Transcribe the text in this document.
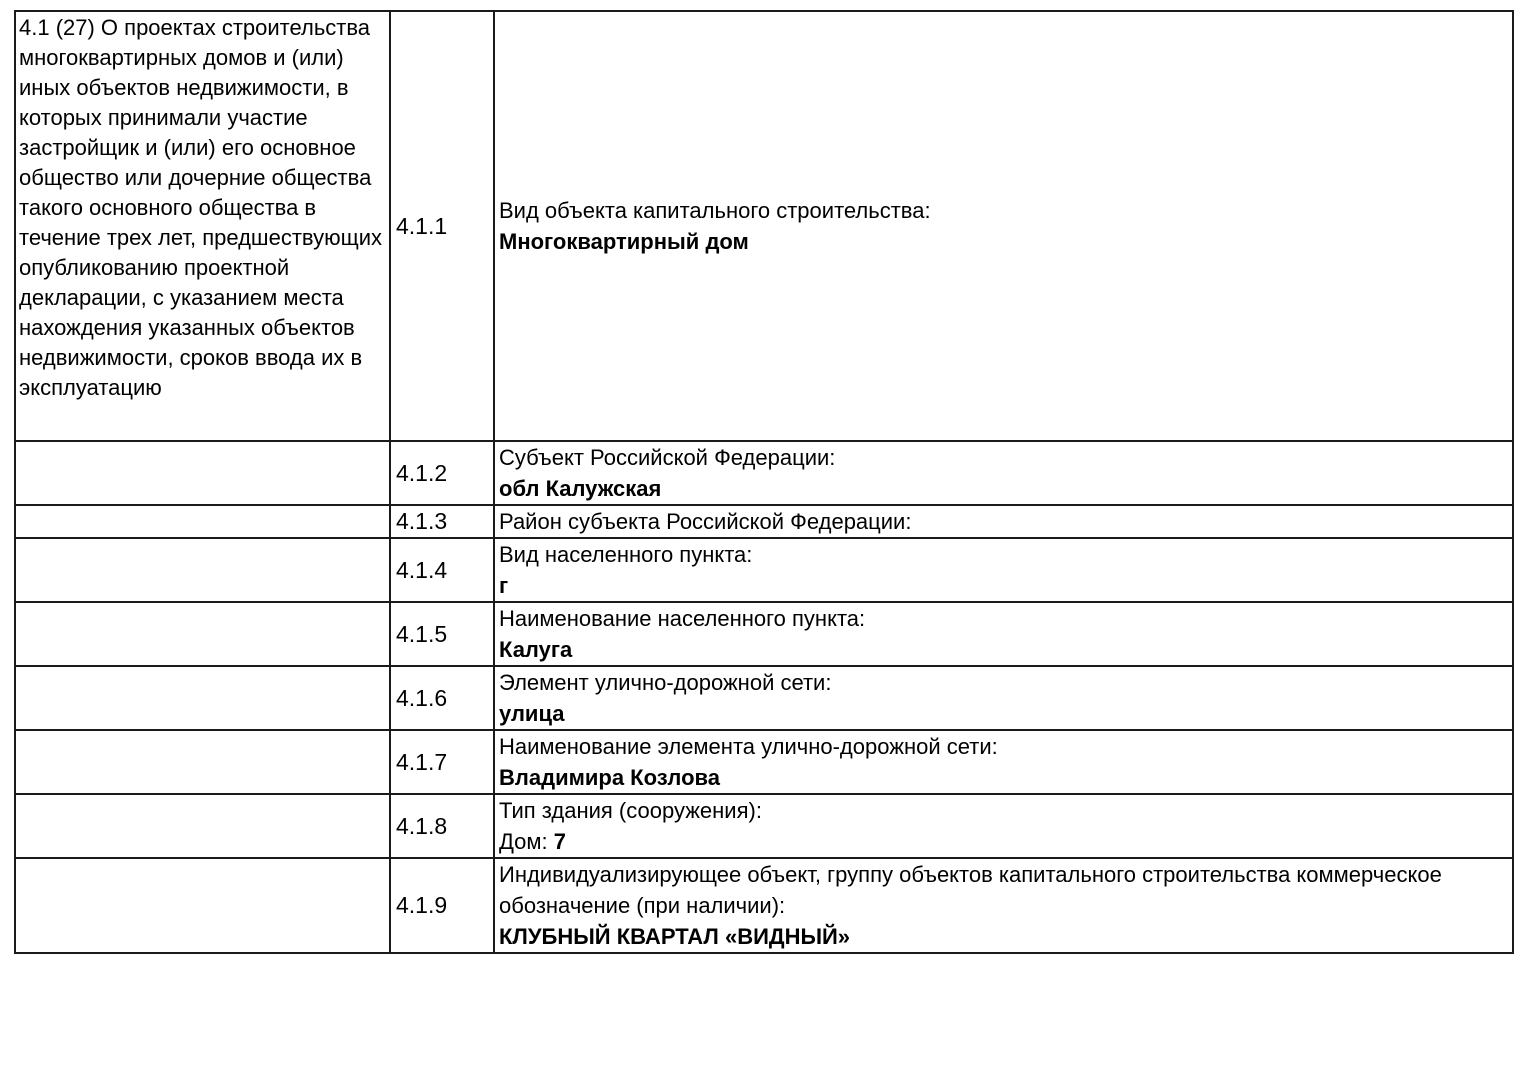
4.1 (27) О проектах строительства многоквартирных домов и (или) иных объектов недвижимости, в которых принимали участие застройщик и (или) его основное общество или дочерние общества такого основного общества в течение трех лет, предшествующих опубликованию проектной декларации, с указанием места нахождения указанных объектов недвижимости, сроков ввода их в эксплуатацию	4.1.1	Вид объекта капитального строительства:
Многоквартирный дом

	4.1.2	Субъект Российской Федерации:
обл Калужская

	4.1.3	Район субъекта Российской Федерации:

	4.1.4	Вид населенного пункта:
г

	4.1.5	Наименование населенного пункта:
Калуга

	4.1.6	Элемент улично-дорожной сети:
улица

	4.1.7	Наименование элемента улично-дорожной сети:
Владимира Козлова

	4.1.8	Тип здания (сооружения):
Дом: 7

	4.1.9	Индивидуализирующее объект, группу объектов капитального строительства коммерческое обозначение (при наличии):
КЛУБНЫЙ КВАРТАЛ «ВИДНЫЙ»
